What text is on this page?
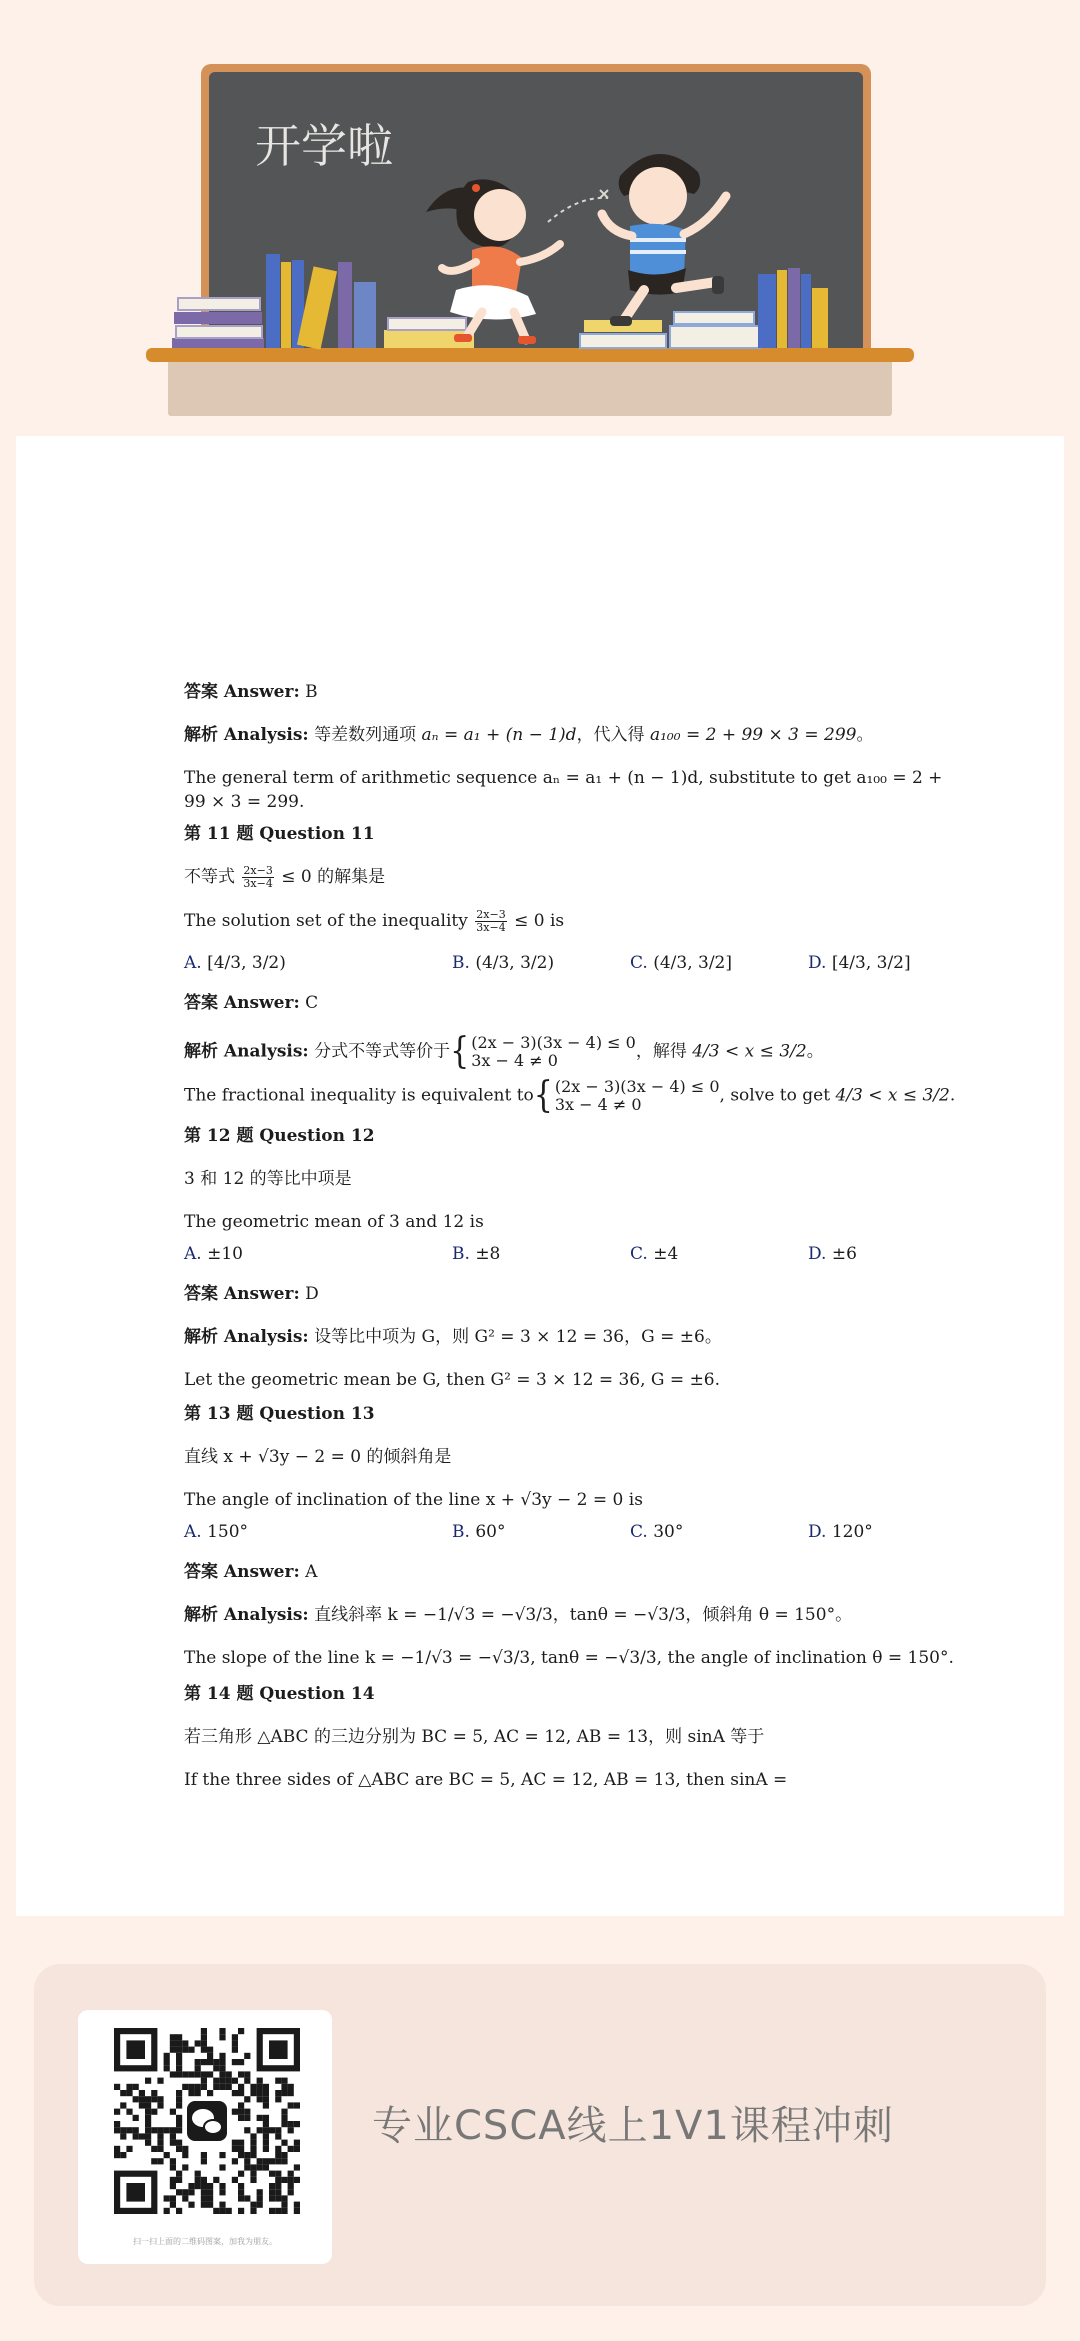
开学啦

答案 Answer: B

解析 Analysis: 等差数列通项 aₙ = a₁ + (n − 1)d，代入得 a₁₀₀ = 2 + 99 × 3 = 299。

The general term of arithmetic sequence aₙ = a₁ + (n − 1)d, substitute to get a₁₀₀ = 2 +
99 × 3 = 299.

第 11 题 Question 11

不等式 $\frac{2x-3}{3x-4} \le 0$ 的解集是

The solution set of the inequality $\frac{2x-3}{3x-4} \le 0$ is

A. [4/3, 3/2)	B. (4/3, 3/2)	C. (4/3, 3/2]	D. [4/3, 3/2]

答案 Answer: C

解析 Analysis: 分式不等式等价于{ (2x − 3)(3x − 4) ≤ 0
3x − 4 ≠ 0	，解得 4/3 < x ≤ 3/2。

The fractional inequality is equivalent to{ (2x − 3)(3x − 4) ≤ 0
3x − 4 ≠ 0	, solve to get 4/3 < x ≤ 3/2.

第 12 题 Question 12

3 和 12 的等比中项是

The geometric mean of 3 and 12 is

A. ±10	B. ±8	C. ±4	D. ±6

答案 Answer: D

解析 Analysis: 设等比中项为 G，则 G² = 3 × 12 = 36，G = ±6。

Let the geometric mean be G, then G² = 3 × 12 = 36, G = ±6.

第 13 题 Question 13

直线 x + √3y − 2 = 0 的倾斜角是

The angle of inclination of the line x + √3y − 2 = 0 is

A. 150°	B. 60°	C. 30°	D. 120°

答案 Answer: A

解析 Analysis: 直线斜率 k = −1/√3 = −√3/3，tanθ = −√3/3，倾斜角 θ = 150°。

The slope of the line k = −1/√3 = −√3/3, tanθ = −√3/3, the angle of inclination θ = 150°.

第 14 题 Question 14

若三角形 △ABC 的三边分别为 BC = 5, AC = 12, AB = 13，则 sinA 等于

If the three sides of △ABC are BC = 5, AC = 12, AB = 13, then sinA =

扫一扫上面的二维码图案，加我为朋友。
专业CSCA线上1V1课程冲刺
